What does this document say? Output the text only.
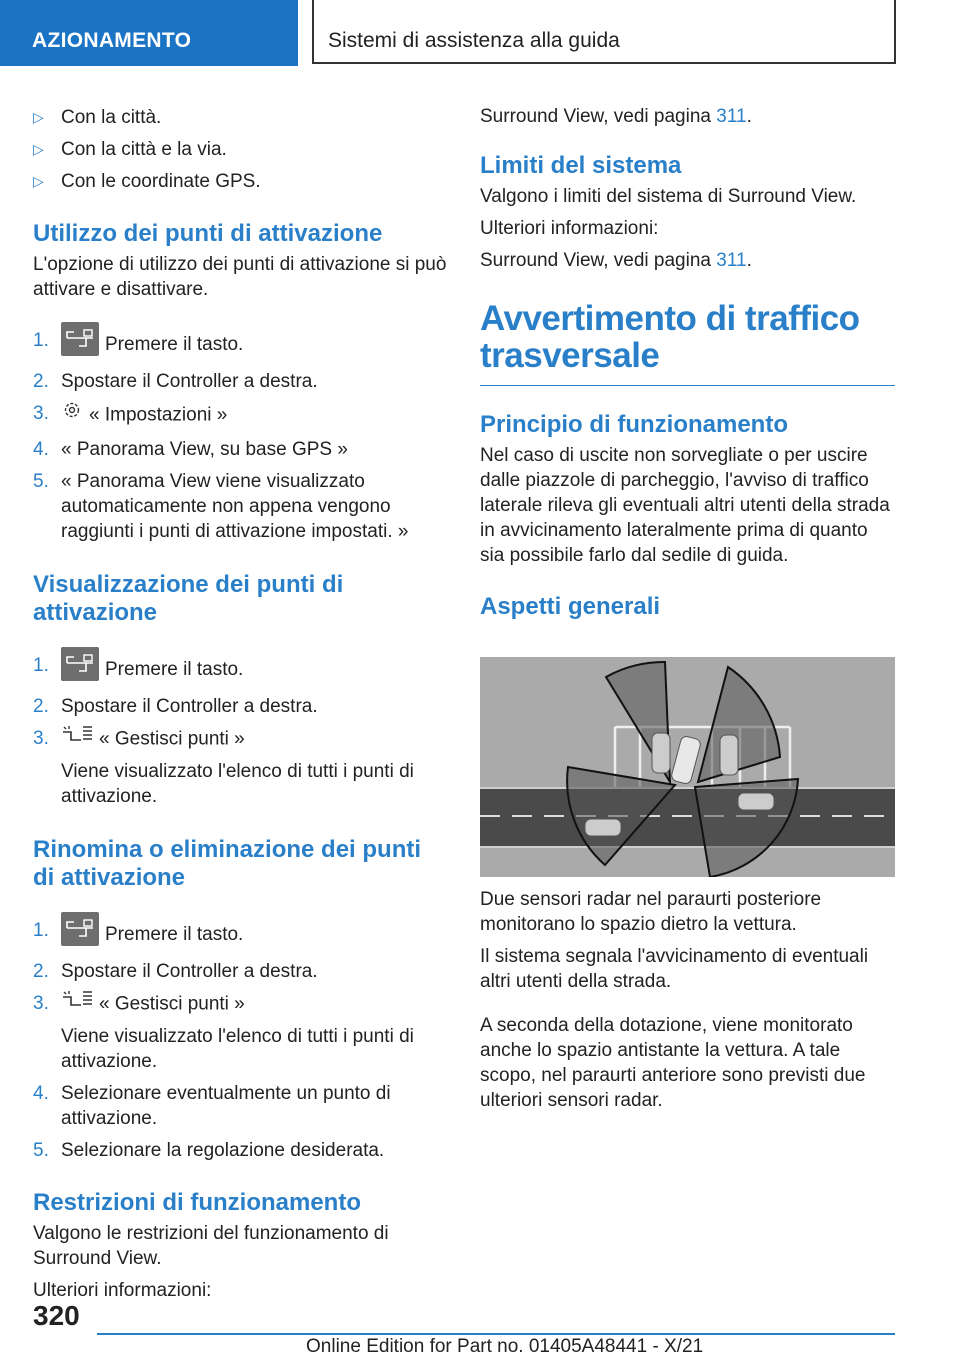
AZIONAMENTO	Sistemi di assistenza alla guida
▷ Con la città.
▷ Con la città e la via.
▷ Con le coordinate GPS.
Utilizzo dei punti di attivazione

L'opzione di utilizzo dei punti di attivazione si può attivare e disattivare.

1.	Premere il tasto.
2. Spostare il Controller a destra.
3. « Impostazioni »
4. « Panorama View, su base GPS »
5. « Panorama View viene visualizzato automaticamente non appena vengono raggiunti i punti di attivazione impostati. »
Visualizzazione dei punti di attivazione
1.	Premere il tasto.
2. Spostare il Controller a destra.
3.	« Gestisci punti »

Viene visualizzato l'elenco di tutti i punti di attivazione.

Rinomina o eliminazione dei punti di attivazione
1.	Premere il tasto.
2. Spostare il Controller a destra.
3.	« Gestisci punti »

Viene visualizzato l'elenco di tutti i punti di attivazione.

4. Selezionare eventualmente un punto di attivazione.
5. Selezionare la regolazione desiderata.
Restrizioni di funzionamento

Valgono le restrizioni del funzionamento di Surround View.

Ulteriori informazioni:

Surround View, vedi pagina 311.

Limiti del sistema

Valgono i limiti del sistema di Surround View.

Ulteriori informazioni:

Surround View, vedi pagina 311.

Avvertimento di traffico
trasversale
Principio di funzionamento

Nel caso di uscite non sorvegliate o per uscire dalle piazzole di parcheggio, l'avviso di traffico laterale rileva gli eventuali altri utenti della strada in avvicinamento lateralmente prima di quanto sia possibile farlo dal sedile di guida.

Aspetti generali

Due sensori radar nel paraurti posteriore monitorano lo spazio dietro la vettura.

Il sistema segnala l'avvicinamento di eventuali altri utenti della strada.

A seconda della dotazione, viene monitorato anche lo spazio antistante la vettura. A tale scopo, nel paraurti anteriore sono previsti due ulteriori sensori radar.

320
Online Edition for Part no. 01405A48441 - X/21
